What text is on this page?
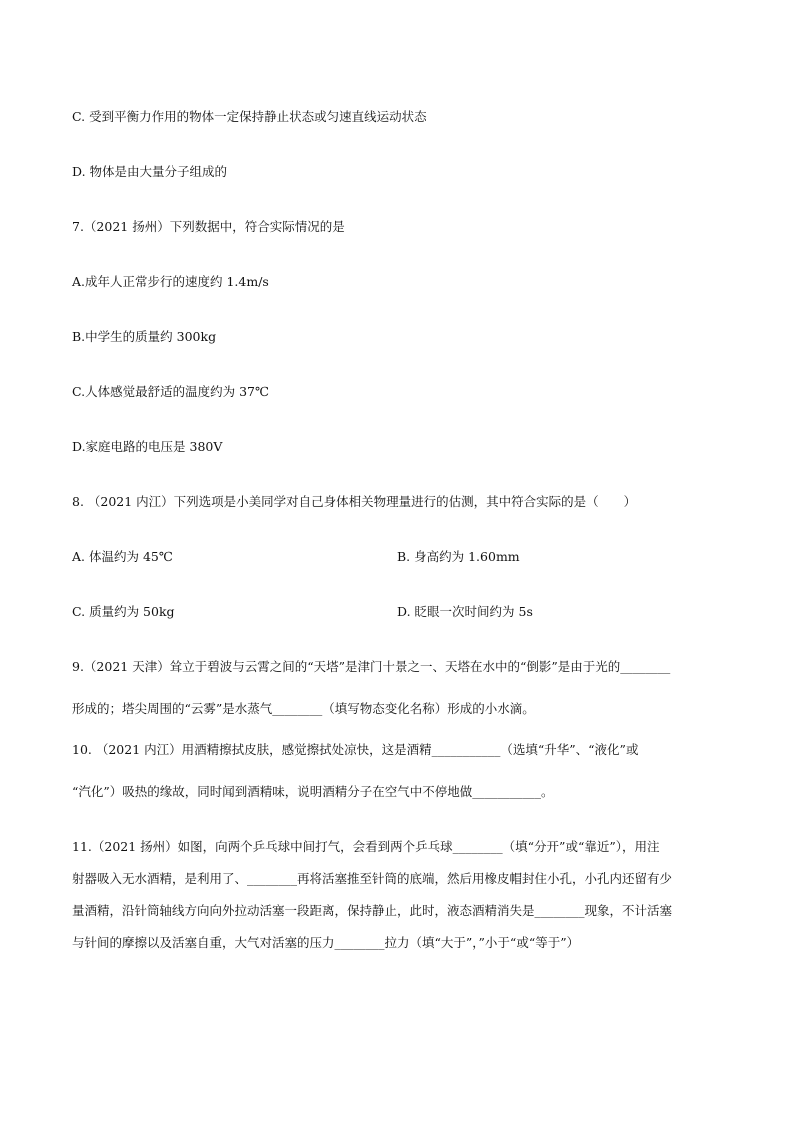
C. 受到平衡力作用的物体一定保持静止状态或匀速直线运动状态
D. 物体是由大量分子组成的
7.（2021 扬州）下列数据中，符合实际情况的是
A.成年人正常步行的速度约 1.4m/s
B.中学生的质量约 300kg
C.人体感觉最舒适的温度约为 37℃
D.家庭电路的电压是 380V
8. （2021 内江）下列选项是小美同学对自己身体相关物理量进行的估测，其中符合实际的是（　　）
A. 体温约为 45℃	B. 身高约为 1.60mm
C. 质量约为 50kg	D. 眨眼一次时间约为 5s
9.（2021 天津）耸立于碧波与云霄之间的“天塔”是津门十景之一、天塔在水中的“倒影”是由于光的________
形成的；塔尖周围的“云雾”是水蒸气________（填写物态变化名称）形成的小水滴。
10. （2021 内江）用酒精擦拭皮肤，感觉擦拭处凉快，这是酒精___________（选填“升华”、“液化”或
“汽化”）吸热的缘故，同时闻到酒精味，说明酒精分子在空气中不停地做___________。
11.（2021 扬州）如图，向两个乒乓球中间打气，会看到两个乒乓球________（填“分开”或“靠近”），用注
射器吸入无水酒精，是利用了、________再将活塞推至针筒的底端，然后用橡皮帽封住小孔，小孔内还留有少
量酒精，沿针筒轴线方向向外拉动活塞一段距离，保持静止，此时，液态酒精消失是________现象，不计活塞
与针间的摩擦以及活塞自重，大气对活塞的压力________拉力（填“大于”，”小于“或“等于”）
